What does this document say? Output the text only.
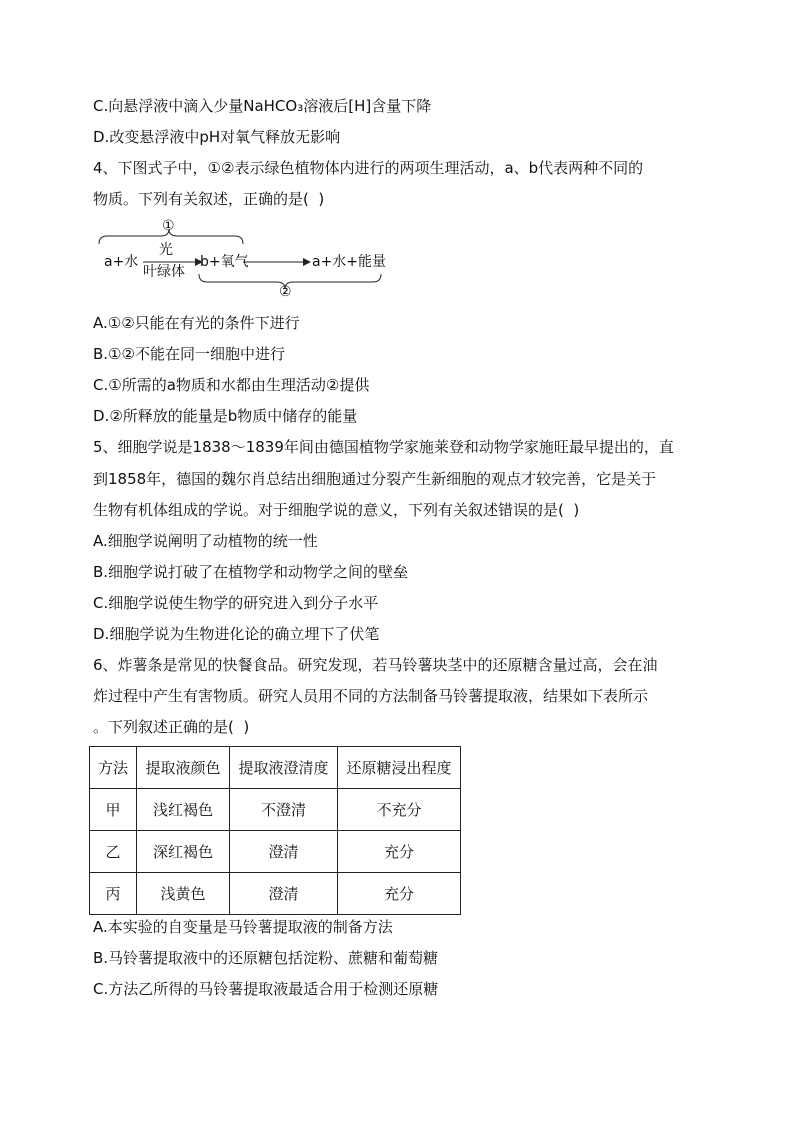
C.向悬浮液中滴入少量NaHCO₃溶液后[H]含量下降
D.改变悬浮液中pH对氧气释放无影响
4、下图式子中，①②表示绿色植物体内进行的两项生理活动，a、b代表两种不同的
物质。下列有关叙述，正确的是(  )
①
光
a+水
叶绿体
b+氧气	a+水+能量
②
A.①②只能在有光的条件下进行
B.①②不能在同一细胞中进行
C.①所需的a物质和水都由生理活动②提供
D.②所释放的能量是b物质中储存的能量
5、细胞学说是1838～1839年间由德国植物学家施莱登和动物学家施旺最早提出的，直
到1858年，德国的魏尔肖总结出细胞通过分裂产生新细胞的观点才较完善，它是关于
生物有机体组成的学说。对于细胞学说的意义，下列有关叙述错误的是(  )
A.细胞学说阐明了动植物的统一性
B.细胞学说打破了在植物学和动物学之间的壁垒
C.细胞学说使生物学的研究进入到分子水平
D.细胞学说为生物进化论的确立埋下了伏笔
6、炸薯条是常见的快餐食品。研究发现，若马铃薯块茎中的还原糖含量过高，会在油
炸过程中产生有害物质。研究人员用不同的方法制备马铃薯提取液，结果如下表所示
。下列叙述正确的是(  )
方法	提取液颜色	提取液澄清度	还原糖浸出程度
甲	浅红褐色	不澄清	不充分
乙	深红褐色	澄清	充分
丙	浅黄色	澄清	充分
A.本实验的自变量是马铃薯提取液的制备方法
B.马铃薯提取液中的还原糖包括淀粉、蔗糖和葡萄糖
C.方法乙所得的马铃薯提取液最适合用于检测还原糖
